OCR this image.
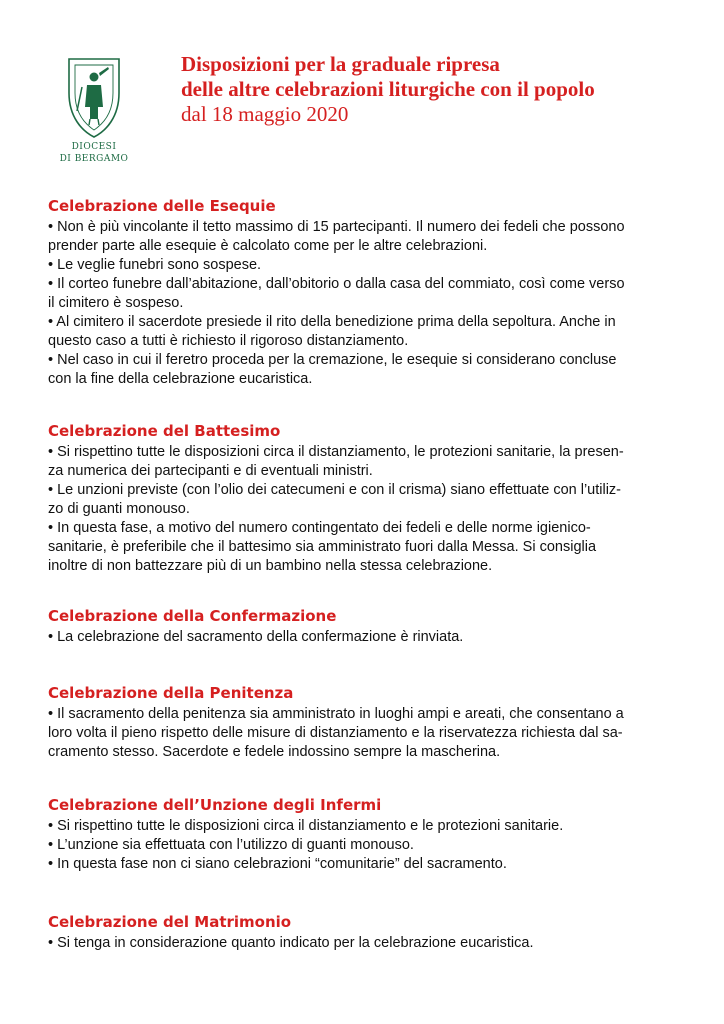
DIOCESI
DI BERGAMO

Disposizioni per la graduale ripresa

delle altre celebrazioni liturgiche con il popolo

dal 18 maggio 2020

Celebrazione delle Esequie

• Non è più vincolante il tetto massimo di 15 partecipanti. Il numero dei fedeli che possono

prender parte alle esequie è calcolato come per le altre celebrazioni.

• Le veglie funebri sono sospese.

• Il corteo funebre dall’abitazione, dall’obitorio o dalla casa del commiato, così come verso

il cimitero è sospeso.

• Al cimitero il sacerdote presiede il rito della benedizione prima della sepoltura. Anche in

questo caso a tutti è richiesto il rigoroso distanziamento.

• Nel caso in cui il feretro proceda per la cremazione, le esequie si considerano concluse

con la fine della celebrazione eucaristica.

Celebrazione del Battesimo

• Si rispettino tutte le disposizioni circa il distanziamento, le protezioni sanitarie, la presen-

za numerica dei partecipanti e di eventuali ministri.

• Le unzioni previste (con l’olio dei catecumeni e con il crisma) siano effettuate con l’utiliz-

zo di guanti monouso.

• In questa fase, a motivo del numero contingentato dei fedeli e delle norme igienico-

sanitarie, è preferibile che il battesimo sia amministrato fuori dalla Messa. Si consiglia

inoltre di non battezzare più di un bambino nella stessa celebrazione.

Celebrazione della Confermazione

• La celebrazione del sacramento della confermazione è rinviata.

Celebrazione della Penitenza

• Il sacramento della penitenza sia amministrato in luoghi ampi e areati, che consentano a

loro volta il pieno rispetto delle misure di distanziamento e la riservatezza richiesta dal sa-

cramento stesso. Sacerdote e fedele indossino sempre la mascherina.

Celebrazione dell’Unzione degli Infermi

• Si rispettino tutte le disposizioni circa il distanziamento e le protezioni sanitarie.

• L’unzione sia effettuata con l’utilizzo di guanti monouso.

• In questa fase non ci siano celebrazioni “comunitarie” del sacramento.

Celebrazione del Matrimonio

• Si tenga in considerazione quanto indicato per la celebrazione eucaristica.
